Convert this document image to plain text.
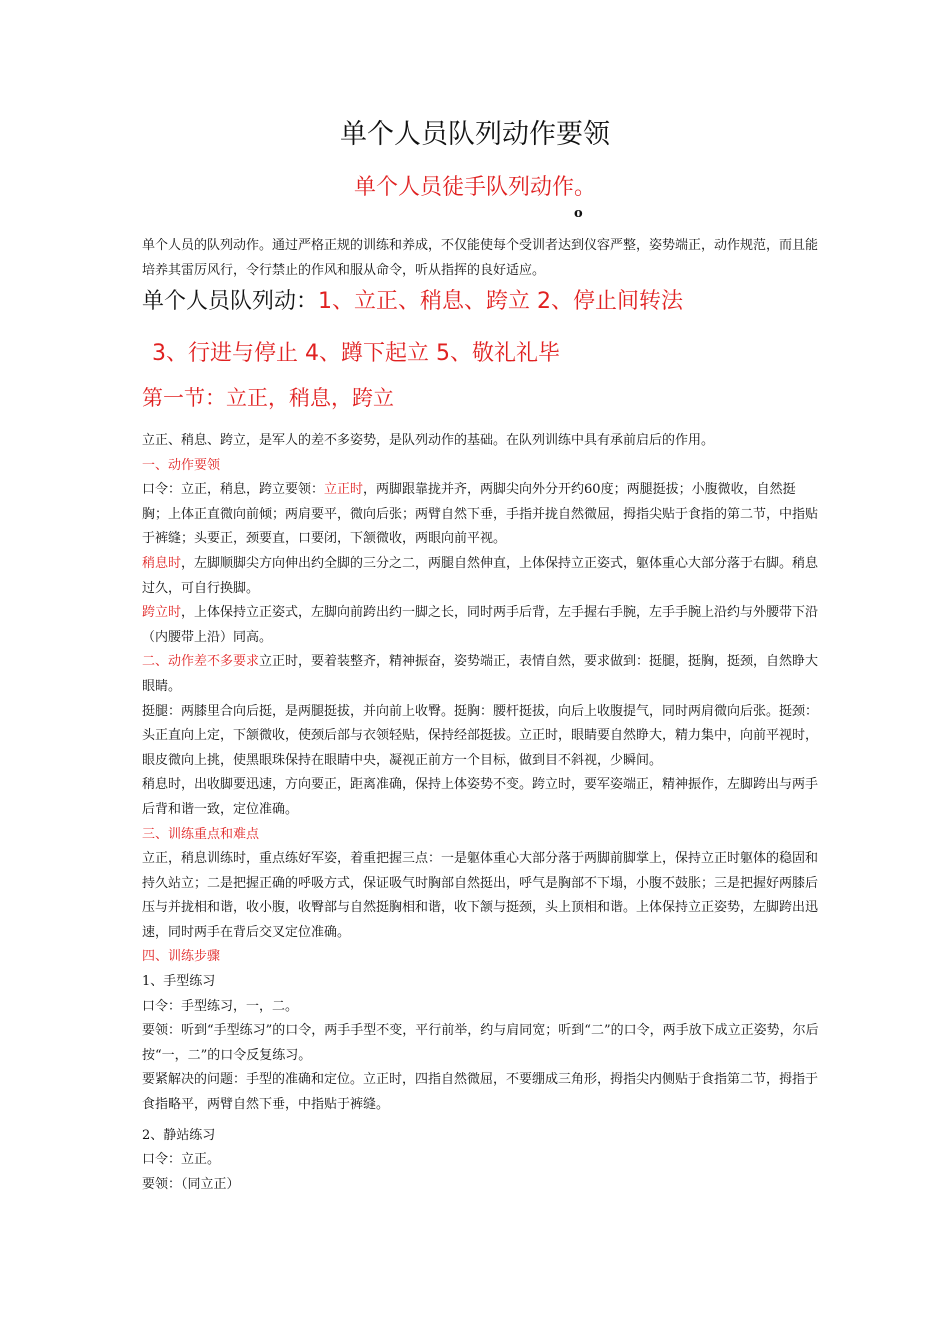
单个人员队列动作要领
单个人员徒手队列动作。
o
单个人员的队列动作。通过严格正规的训练和养成，不仅能使每个受训者达到仪容严整，姿势端正，动作规范，而且能培养其雷厉风行，令行禁止的作风和服从命令，听从指挥的良好适应。
单个人员队列动：1、立正、稍息、跨立 2、停止间转法
3、行进与停止 4、蹲下起立 5、敬礼礼毕
第一节：立正，稍息，跨立

立正、稍息、跨立，是军人的差不多姿势，是队列动作的基础。在队列训练中具有承前启后的作用。

一、动作要领

口令：立正，稍息，跨立要领：立正时，两脚跟靠拢并齐，两脚尖向外分开约60度；两腿挺拔；小腹微收，自然挺胸；上体正直微向前倾；两肩要平，微向后张；两臂自然下垂，手指并拢自然微屈，拇指尖贴于食指的第二节，中指贴于裤缝；头要正，颈要直，口要闭，下颔微收，两眼向前平视。

稍息时，左脚顺脚尖方向伸出约全脚的三分之二，两腿自然伸直，上体保持立正姿式，躯体重心大部分落于右脚。稍息过久，可自行换脚。

跨立时，上体保持立正姿式，左脚向前跨出约一脚之长，同时两手后背，左手握右手腕，左手手腕上沿约与外腰带下沿（内腰带上沿）同高。

二、动作差不多要求立正时，要着装整齐，精神振奋，姿势端正，表情自然，要求做到：挺腿，挺胸，挺颈，自然睁大眼睛。

挺腿：两膝里合向后挺，是两腿挺拔，并向前上收臀。挺胸：腰杆挺拔，向后上收腹提气，同时两肩微向后张。挺颈：头正直向上定，下颔微收，使颈后部与衣领轻贴，保持经部挺拔。立正时，眼睛要自然睁大，精力集中，向前平视时，眼皮微向上挑，使黑眼珠保持在眼睛中央，凝视正前方一个目标，做到目不斜视，少瞬间。

稍息时，出收脚要迅速，方向要正，距离准确，保持上体姿势不变。跨立时，要军姿端正，精神振作，左脚跨出与两手后背和谐一致，定位准确。

三、训练重点和难点

立正，稍息训练时，重点练好军姿，着重把握三点：一是躯体重心大部分落于两脚前脚掌上，保持立正时躯体的稳固和持久站立；二是把握正确的呼吸方式，保证吸气时胸部自然挺出，呼气是胸部不下塌，小腹不鼓胀；三是把握好两膝后压与并拢相和谐，收小腹，收臀部与自然挺胸相和谐，收下颔与挺颈，头上顶相和谐。上体保持立正姿势，左脚跨出迅速，同时两手在背后交叉定位准确。

四、训练步骤

1、手型练习

口令：手型练习，一，二。

要领：听到“手型练习”的口令，两手手型不变，平行前举，约与肩同宽；听到“二”的口令，两手放下成立正姿势，尔后按“一，二”的口令反复练习。

要紧解决的问题：手型的准确和定位。立正时，四指自然微屈，不要绷成三角形，拇指尖内侧贴于食指第二节，拇指于食指略平，两臂自然下垂，中指贴于裤缝。

2、静站练习

口令：立正。

要领：（同立正）
